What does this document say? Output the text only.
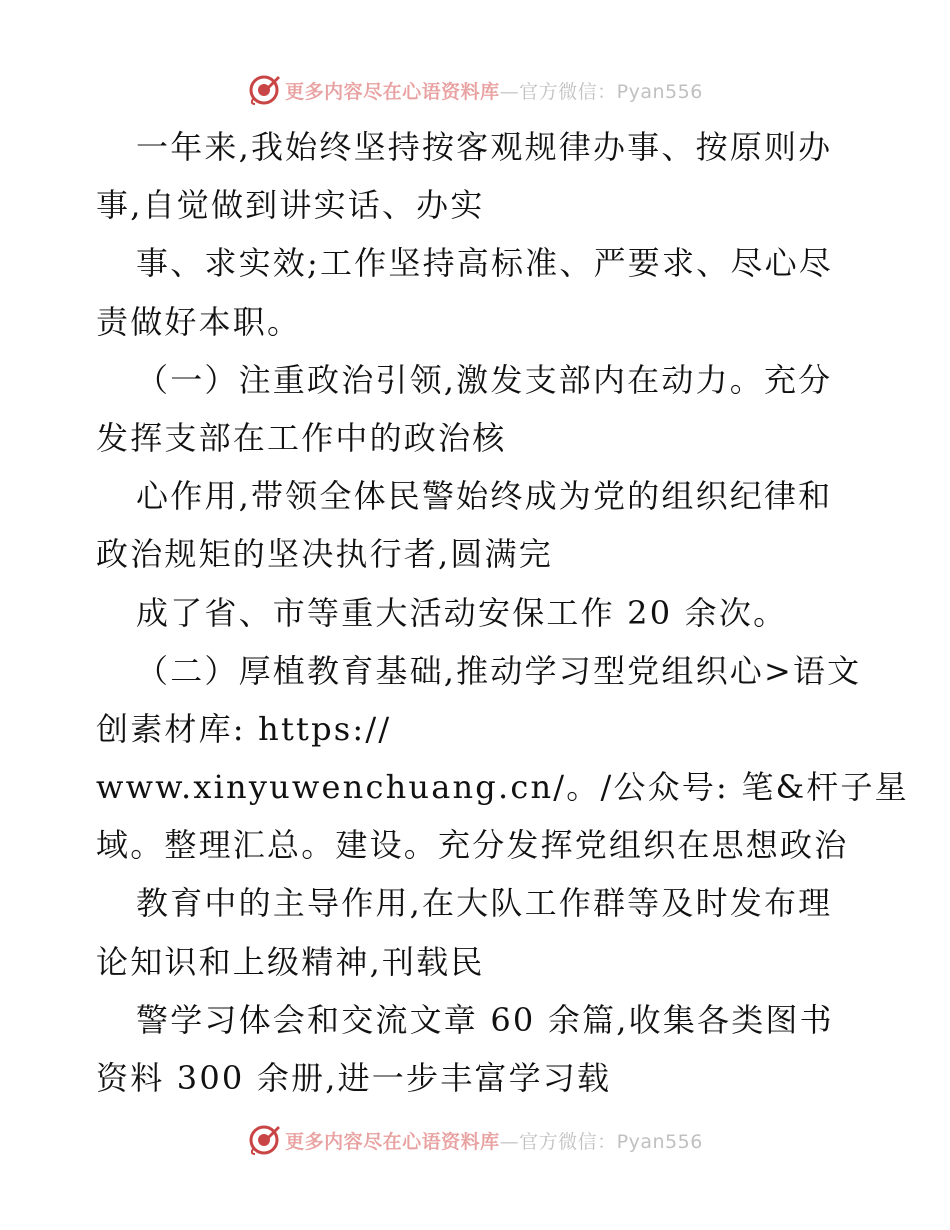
更多内容尽在心语资料库—官方微信：Pyan556
一年来,我始终坚持按客观规律办事、按原则办
事,自觉做到讲实话、办实
事、求实效;工作坚持高标准、严要求、尽心尽
责做好本职。
（一）注重政治引领,激发支部内在动力。充分
发挥支部在工作中的政治核
心作用,带领全体民警始终成为党的组织纪律和
政治规矩的坚决执行者,圆满完
成了省、市等重大活动安保工作 20 余次。
（二）厚植教育基础,推动学习型党组织心>语文
创素材库: https://
www.xinyuwenchuang.cn/。/公众号: 笔&杆子星
域。整理汇总。建设。充分发挥党组织在思想政治
教育中的主导作用,在大队工作群等及时发布理
论知识和上级精神,刊载民
警学习体会和交流文章 60 余篇,收集各类图书
资料 300 余册,进一步丰富学习载
更多内容尽在心语资料库—官方微信：Pyan556
